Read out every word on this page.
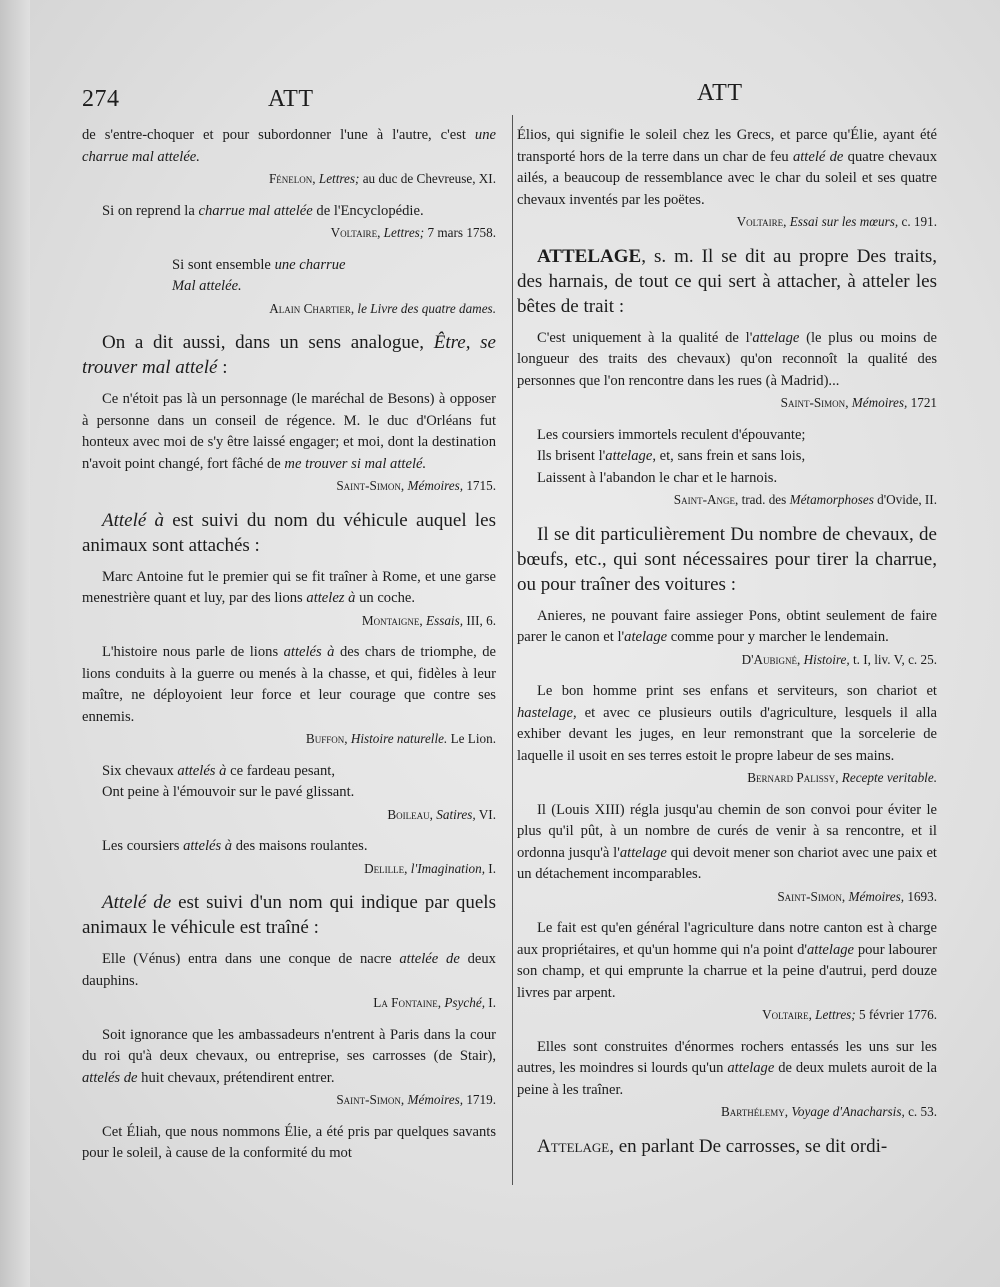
274	ATT	ATT

de s'entre-choquer et pour subordonner l'une à l'autre, c'est une charrue mal attelée.

Fénelon, Lettres; au duc de Chevreuse, XI.

Si on reprend la charrue mal attelée de l'Encyclopédie.

Voltaire, Lettres; 7 mars 1758.

Si sont ensemble une charrue

Mal attelée.

Alain Chartier, le Livre des quatre dames.

On a dit aussi, dans un sens analogue, Être, se trouver mal attelé :

Ce n'étoit pas là un personnage (le maréchal de Besons) à opposer à personne dans un conseil de régence. M. le duc d'Orléans fut honteux avec moi de s'y être laissé engager; et moi, dont la destination n'avoit point changé, fort fâché de me trouver si mal attelé.

Saint-Simon, Mémoires, 1715.

Attelé à est suivi du nom du véhicule auquel les animaux sont attachés :

Marc Antoine fut le premier qui se fit traîner à Rome, et une garse menestrière quant et luy, par des lions attelez à un coche.

Montaigne, Essais, III, 6.

L'histoire nous parle de lions attelés à des chars de triomphe, de lions conduits à la guerre ou menés à la chasse, et qui, fidèles à leur maître, ne déployoient leur force et leur courage que contre ses ennemis.

Buffon, Histoire naturelle. Le Lion.

Six chevaux attelés à ce fardeau pesant,

Ont peine à l'émouvoir sur le pavé glissant.

Boileau, Satires, VI.

Les coursiers attelés à des maisons roulantes.

Delille, l'Imagination, I.

Attelé de est suivi d'un nom qui indique par quels animaux le véhicule est traîné :

Elle (Vénus) entra dans une conque de nacre attelée de deux dauphins.

La Fontaine, Psyché, I.

Soit ignorance que les ambassadeurs n'entrent à Paris dans la cour du roi qu'à deux chevaux, ou entreprise, ses carrosses (de Stair), attelés de huit chevaux, prétendirent entrer.

Saint-Simon, Mémoires, 1719.

Cet Éliah, que nous nommons Élie, a été pris par quelques savants pour le soleil, à cause de la conformité du mot

Élios, qui signifie le soleil chez les Grecs, et parce qu'Élie, ayant été transporté hors de la terre dans un char de feu attelé de quatre chevaux ailés, a beaucoup de ressemblance avec le char du soleil et ses quatre chevaux inventés par les poëtes.

Voltaire, Essai sur les mœurs, c. 191.

ATTELAGE, s. m. Il se dit au propre Des traits, des harnais, de tout ce qui sert à attacher, à atteler les bêtes de trait :

C'est uniquement à la qualité de l'attelage (le plus ou moins de longueur des traits des chevaux) qu'on reconnoît la qualité des personnes que l'on rencontre dans les rues (à Madrid)...

Saint-Simon, Mémoires, 1721

Les coursiers immortels reculent d'épouvante;

Ils brisent l'attelage, et, sans frein et sans lois,

Laissent à l'abandon le char et le harnois.

Saint-Ange, trad. des Métamorphoses d'Ovide, II.

Il se dit particulièrement Du nombre de chevaux, de bœufs, etc., qui sont nécessaires pour tirer la charrue, ou pour traîner des voitures :

Anieres, ne pouvant faire assieger Pons, obtint seulement de faire parer le canon et l'atelage comme pour y marcher le lendemain.

D'Aubigné, Histoire, t. I, liv. V, c. 25.

Le bon homme print ses enfans et serviteurs, son chariot et hastelage, et avec ce plusieurs outils d'agriculture, lesquels il alla exhiber devant les juges, en leur remonstrant que la sorcelerie de laquelle il usoit en ses terres estoit le propre labeur de ses mains.

Bernard Palissy, Recepte veritable.

Il (Louis XIII) régla jusqu'au chemin de son convoi pour éviter le plus qu'il pût, à un nombre de curés de venir à sa rencontre, et il ordonna jusqu'à l'attelage qui devoit mener son chariot avec une paix et un détachement incomparables.

Saint-Simon, Mémoires, 1693.

Le fait est qu'en général l'agriculture dans notre canton est à charge aux propriétaires, et qu'un homme qui n'a point d'attelage pour labourer son champ, et qui emprunte la charrue et la peine d'autrui, perd douze livres par arpent.

Voltaire, Lettres; 5 février 1776.

Elles sont construites d'énormes rochers entassés les uns sur les autres, les moindres si lourds qu'un attelage de deux mulets auroit de la peine à les traîner.

Barthélemy, Voyage d'Anacharsis, c. 53.

Attelage, en parlant De carrosses, se dit ordi-
